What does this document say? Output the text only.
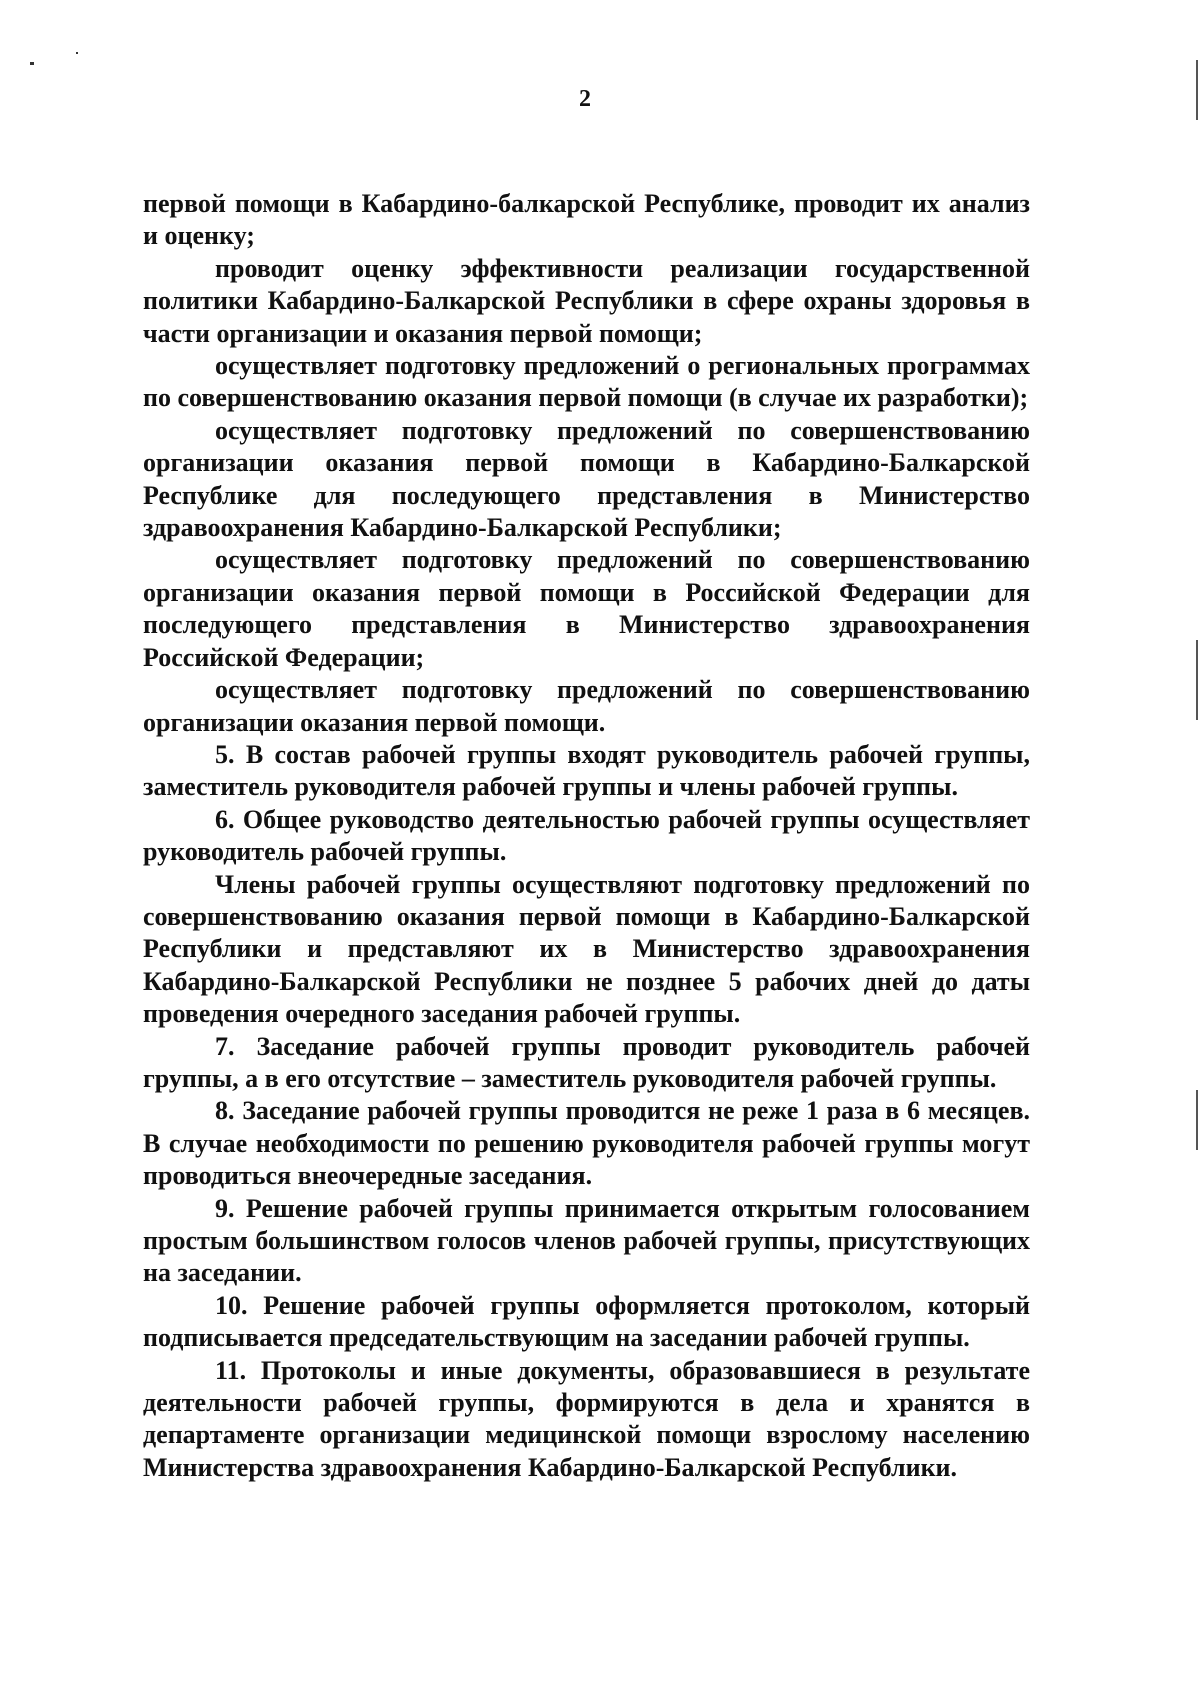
2

первой помощи в Кабардино-балкарской Республике, проводит их анализ и оценку;

проводит оценку эффективности реализации государственной политики Кабардино-Балкарской Республики в сфере охраны здоровья в части организации и оказания первой помощи;

осуществляет подготовку предложений о региональных программах по совершенствованию оказания первой помощи (в случае их разработки);

осуществляет подготовку предложений по совершенствованию организации оказания первой помощи в Кабардино-Балкарской Республике для последующего представления в Министерство здравоохранения Кабардино-Балкарской Республики;

осуществляет подготовку предложений по совершенствованию организации оказания первой помощи в Российской Федерации для последующего представления в Министерство здравоохранения Российской Федерации;

осуществляет подготовку предложений по совершенствованию организации оказания первой помощи.

5. В состав рабочей группы входят руководитель рабочей группы, заместитель руководителя рабочей группы и члены рабочей группы.

6. Общее руководство деятельностью рабочей группы осуществляет руководитель рабочей группы.

Члены рабочей группы осуществляют подготовку предложений по совершенствованию оказания первой помощи в Кабардино-Балкарской Республики и представляют их в Министерство здравоохранения Кабардино-Балкарской Республики не позднее 5 рабочих дней до даты проведения очередного заседания рабочей группы.

7. Заседание рабочей группы проводит руководитель рабочей группы, а в его отсутствие – заместитель руководителя рабочей группы.

8. Заседание рабочей группы проводится не реже 1 раза в 6 месяцев. В случае необходимости по решению руководителя рабочей группы могут проводиться внеочередные заседания.

9. Решение рабочей группы принимается открытым голосованием простым большинством голосов членов рабочей группы, присутствующих на заседании.

10. Решение рабочей группы оформляется протоколом, который подписывается председательствующим на заседании рабочей группы.

11. Протоколы и иные документы, образовавшиеся в результате деятельности рабочей группы, формируются в дела и хранятся в департаменте организации медицинской помощи взрослому населению Министерства здравоохранения Кабардино-Балкарской Республики.
